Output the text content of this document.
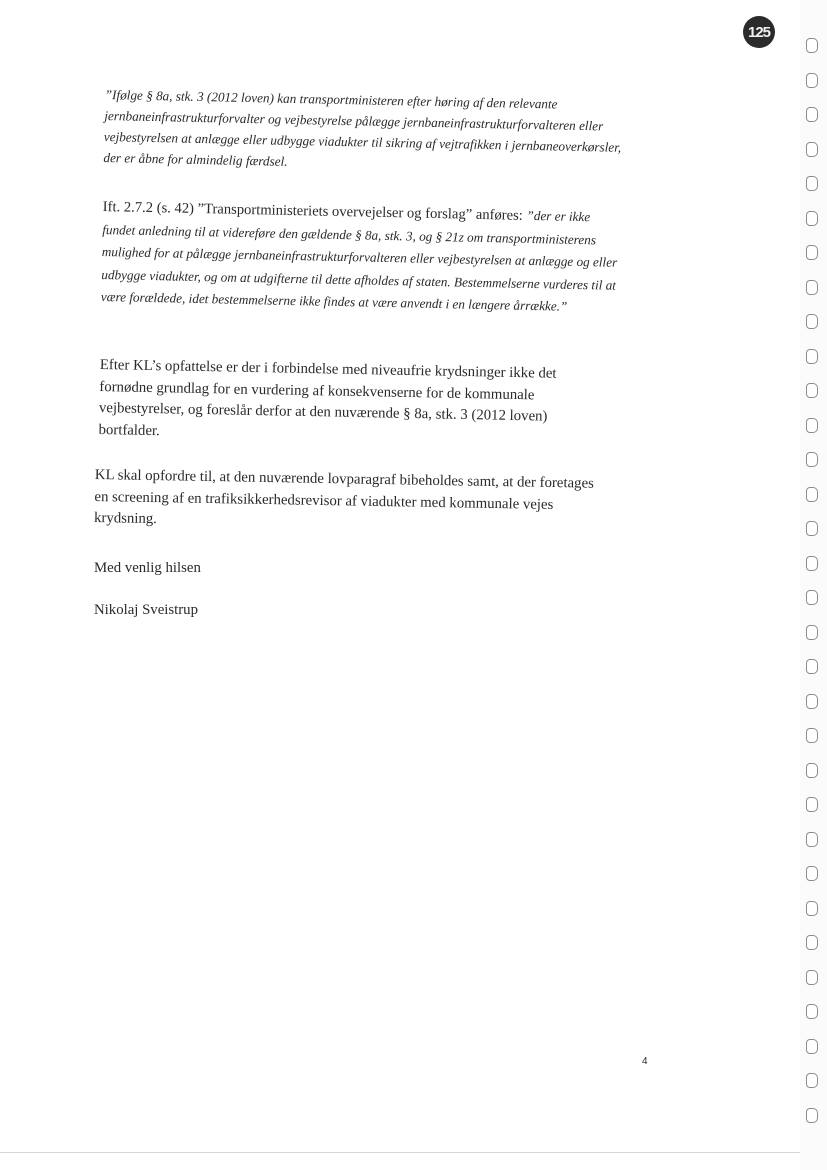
125
”Ifølge § 8a, stk. 3 (2012 loven) kan transportministeren efter høring af den relevante jernbaneinfrastrukturforvalter og vejbestyrelse pålægge jernbaneinfrastrukturforvalteren eller vejbestyrelsen at anlægge eller udbygge viadukter til sikring af vejtrafikken i jernbaneoverkørsler, der er åbne for almindelig færdsel.
Ift. 2.7.2 (s. 42) ”Transportministeriets overvejelser og forslag” anføres: ”der er ikke fundet anledning til at videreføre den gældende § 8a, stk. 3, og § 21z om transportministerens mulighed for at pålægge jernbaneinfrastrukturforvalteren eller vejbestyrelsen at anlægge og eller udbygge viadukter, og om at udgifterne til dette afholdes af staten. Bestemmelserne vurderes til at være forældede, idet bestemmelserne ikke findes at være anvendt i en længere årrække.”
Efter KL’s opfattelse er der i forbindelse med niveaufrie krydsninger ikke det fornødne grundlag for en vurdering af konsekvenserne for de kommunale vejbestyrelser, og foreslår derfor at den nuværende § 8a, stk. 3 (2012 loven) bortfalder.
KL skal opfordre til, at den nuværende lovparagraf bibeholdes samt, at der foretages en screening af en trafiksikkerhedsrevisor af viadukter med kommunale vejes krydsning.
Med venlig hilsen
Nikolaj Sveistrup
4
